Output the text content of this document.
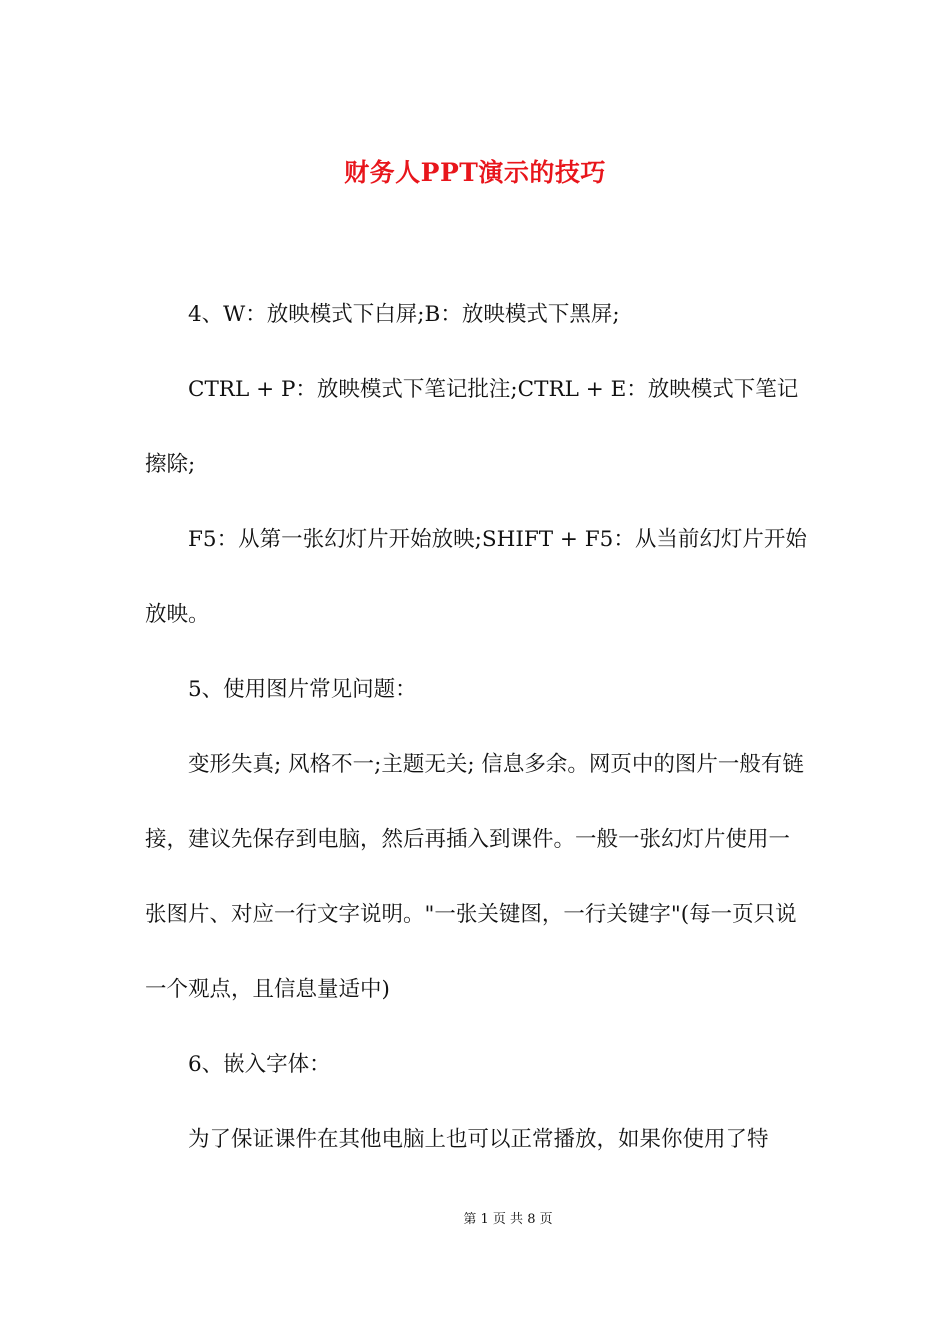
财务人PPT演示的技巧

4、W：放映模式下白屏;B：放映模式下黑屏;

CTRL + P：放映模式下笔记批注;CTRL + E：放映模式下笔记擦除;

F5：从第一张幻灯片开始放映;SHIFT + F5：从当前幻灯片开始放映。

5、使用图片常见问题：

变形失真; 风格不一;主题无关; 信息多余。网页中的图片一般有链接，建议先保存到电脑，然后再插入到课件。一般一张幻灯片使用一张图片、对应一行文字说明。"一张关键图，一行关键字"(每一页只说一个观点，且信息量适中)

6、嵌入字体：

为了保证课件在其他电脑上也可以正常播放，如果你使用了特

第 1 页 共 8 页
